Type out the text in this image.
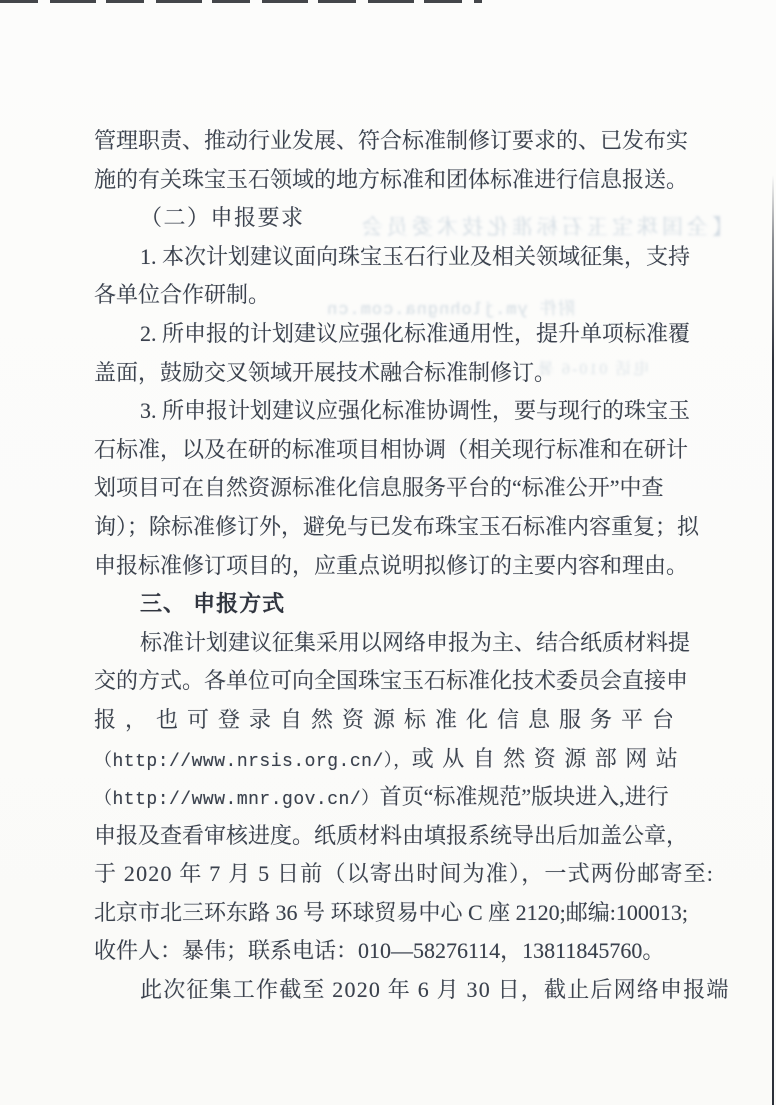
【全国珠宝玉石标准化技术委员会
附件 ym.jlohngna.com.cn
电话 010-6 暑
管理职责、推动行业发展、符合标准制修订要求的、已发布实
施的有关珠宝玉石领域的地方标准和团体标准进行信息报送。
（二）申报要求
1. 本次计划建议面向珠宝玉石行业及相关领域征集，支持
各单位合作研制。
2. 所申报的计划建议应强化标准通用性，提升单项标准覆
盖面，鼓励交叉领域开展技术融合标准制修订。
3. 所申报计划建议应强化标准协调性，要与现行的珠宝玉
石标准，以及在研的标准项目相协调（相关现行标准和在研计
划项目可在自然资源标准化信息服务平台的“标准公开”中查
询）；除标准修订外，避免与已发布珠宝玉石标准内容重复；拟
申报标准修订项目的，应重点说明拟修订的主要内容和理由。
三、 申报方式
标准计划建议征集采用以网络申报为主、结合纸质材料提
交的方式。各单位可向全国珠宝玉石标准化技术委员会直接申
报，也可登录自然资源标准化信息服务平台
（http://www.nrsis.org.cn/），或从自然资源部网站
（http://www.mnr.gov.cn/）首页“标准规范”版块进入,进行
申报及查看审核进度。纸质材料由填报系统导出后加盖公章，
于 2020 年 7 月 5 日前（以寄出时间为准），一式两份邮寄至:
北京市北三环东路 36 号 环球贸易中心 C 座 2120;邮编:100013;
收件人：暴伟；联系电话：010—58276114，13811845760。
此次征集工作截至 2020 年 6 月 30 日，截止后网络申报端
